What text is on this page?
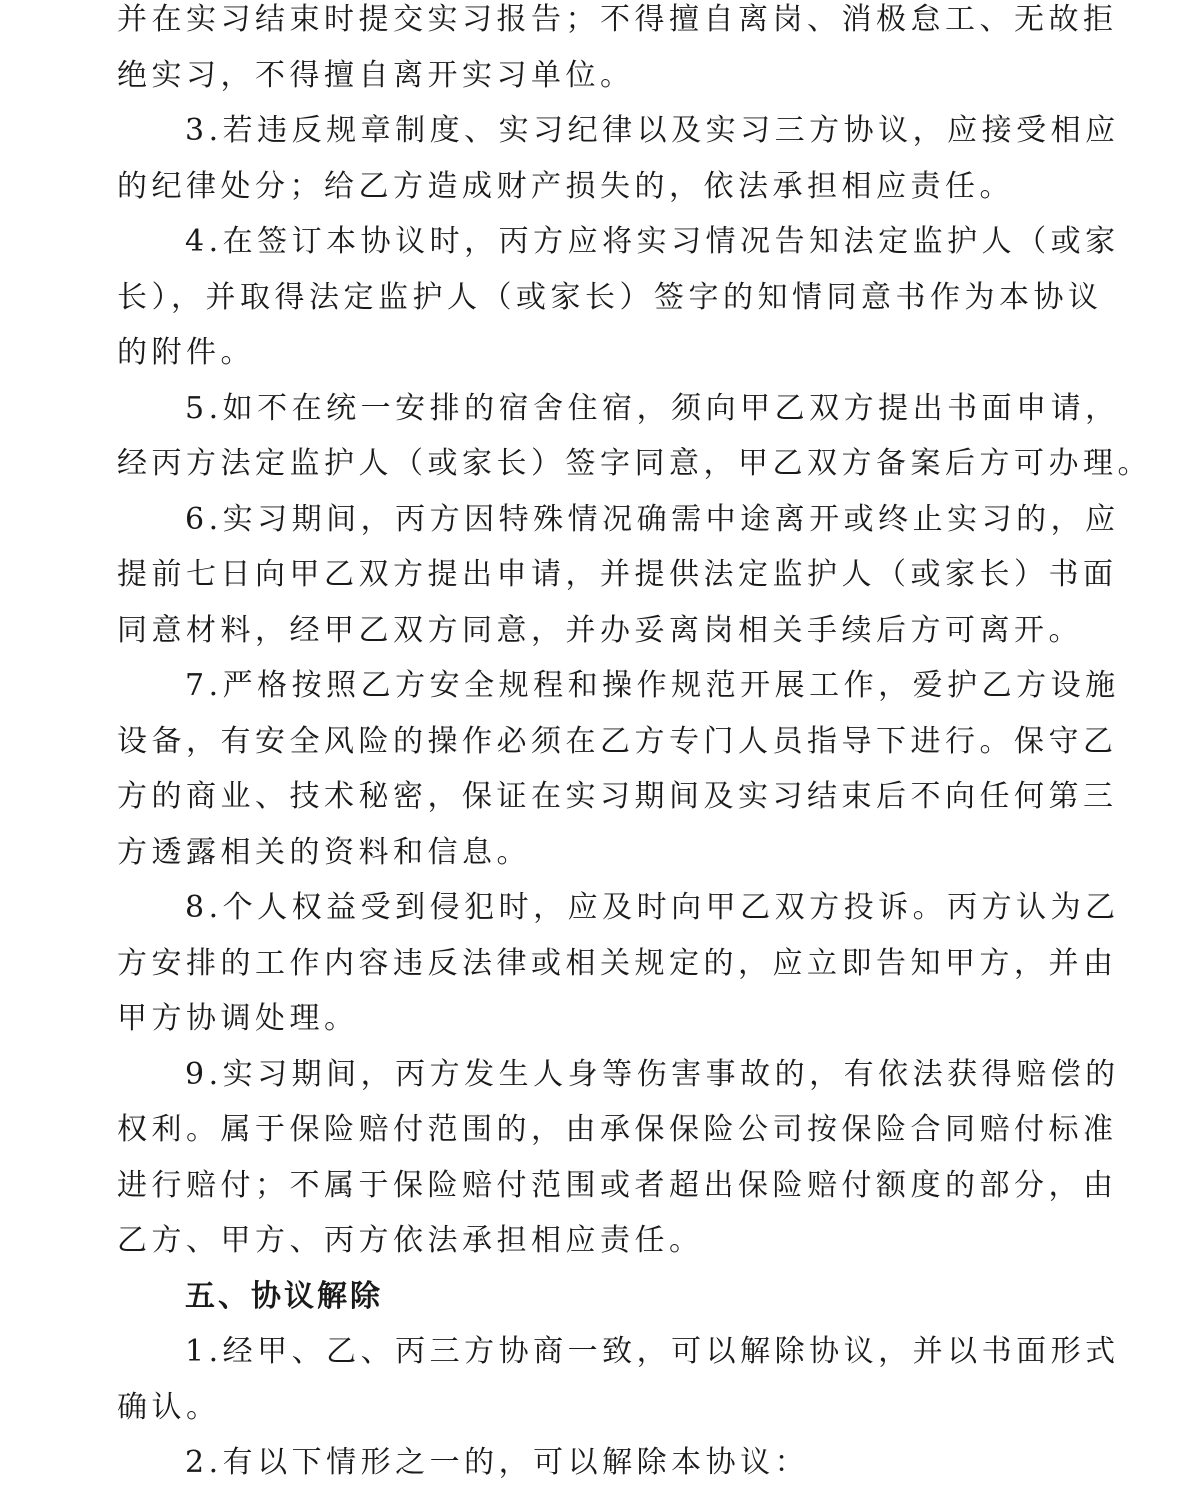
并在实习结束时提交实习报告；不得擅自离岗、消极怠工、无故拒
绝实习，不得擅自离开实习单位。

3.若违反规章制度、实习纪律以及实习三方协议，应接受相应
的纪律处分；给乙方造成财产损失的，依法承担相应责任。

4.在签订本协议时，丙方应将实习情况告知法定监护人（或家
长），并取得法定监护人（或家长）签字的知情同意书作为本协议
的附件。

5.如不在统一安排的宿舍住宿，须向甲乙双方提出书面申请，
经丙方法定监护人（或家长）签字同意，甲乙双方备案后方可办理。

6.实习期间，丙方因特殊情况确需中途离开或终止实习的，应
提前七日向甲乙双方提出申请，并提供法定监护人（或家长）书面
同意材料，经甲乙双方同意，并办妥离岗相关手续后方可离开。

7.严格按照乙方安全规程和操作规范开展工作，爱护乙方设施
设备，有安全风险的操作必须在乙方专门人员指导下进行。保守乙
方的商业、技术秘密，保证在实习期间及实习结束后不向任何第三
方透露相关的资料和信息。

8.个人权益受到侵犯时，应及时向甲乙双方投诉。丙方认为乙
方安排的工作内容违反法律或相关规定的，应立即告知甲方，并由
甲方协调处理。

9.实习期间，丙方发生人身等伤害事故的，有依法获得赔偿的
权利。属于保险赔付范围的，由承保保险公司按保险合同赔付标准
进行赔付；不属于保险赔付范围或者超出保险赔付额度的部分，由
乙方、甲方、丙方依法承担相应责任。

五、协议解除

1.经甲、乙、丙三方协商一致，可以解除协议，并以书面形式
确认。

2.有以下情形之一的，可以解除本协议：
